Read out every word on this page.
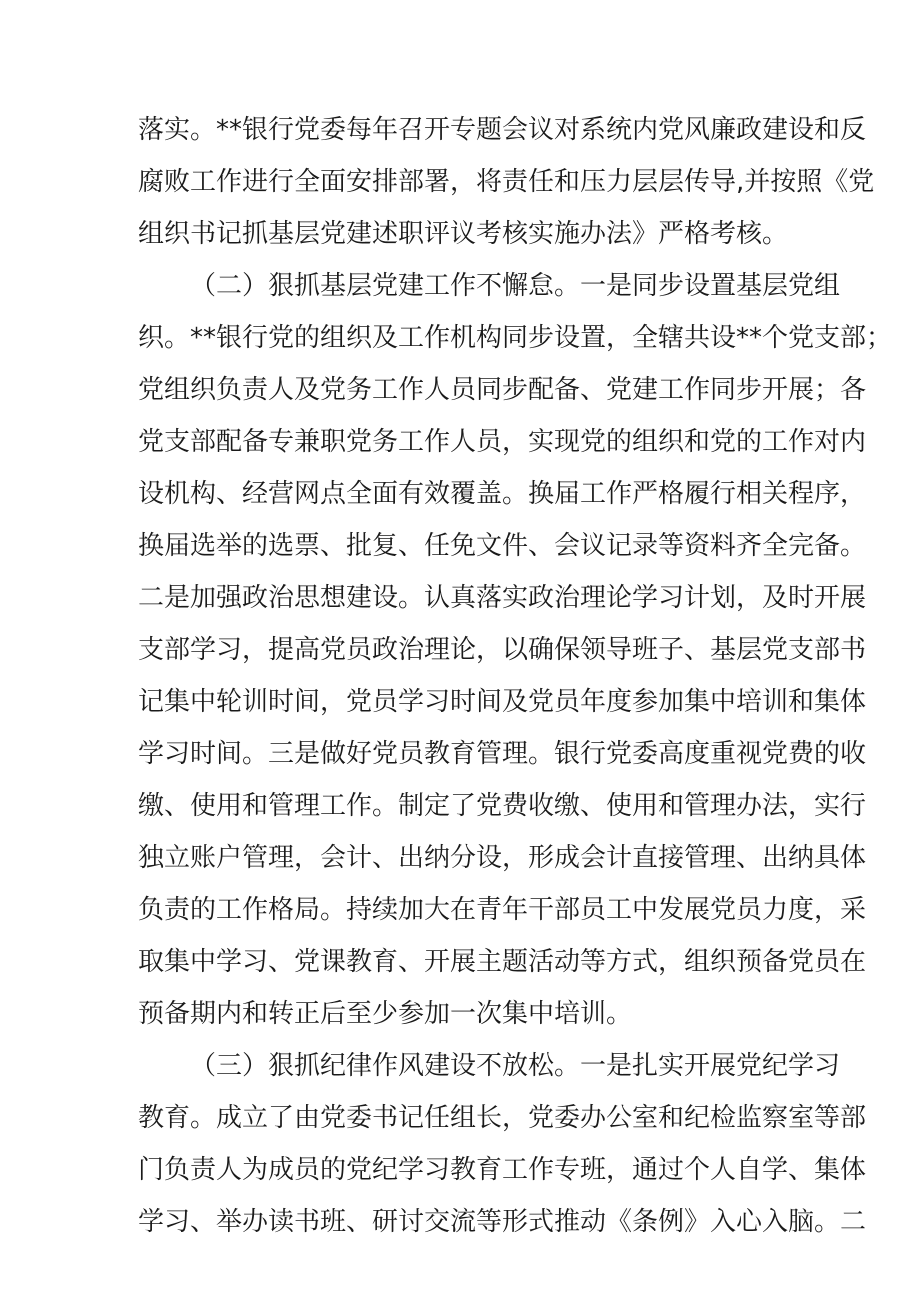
落实。**银行党委每年召开专题会议对系统内党风廉政建设和反
腐败工作进行全面安排部署，将责任和压力层层传导,并按照《党
组织书记抓基层党建述职评议考核实施办法》严格考核。
（二）狠抓基层党建工作不懈怠。一是同步设置基层党组
织。**银行党的组织及工作机构同步设置，全辖共设**个党支部；
党组织负责人及党务工作人员同步配备、党建工作同步开展；各
党支部配备专兼职党务工作人员，实现党的组织和党的工作对内
设机构、经营网点全面有效覆盖。换届工作严格履行相关程序，
换届选举的选票、批复、任免文件、会议记录等资料齐全完备。
二是加强政治思想建设。认真落实政治理论学习计划，及时开展
支部学习，提高党员政治理论，以确保领导班子、基层党支部书
记集中轮训时间，党员学习时间及党员年度参加集中培训和集体
学习时间。三是做好党员教育管理。银行党委高度重视党费的收
缴、使用和管理工作。制定了党费收缴、使用和管理办法，实行
独立账户管理，会计、出纳分设，形成会计直接管理、出纳具体
负责的工作格局。持续加大在青年干部员工中发展党员力度，采
取集中学习、党课教育、开展主题活动等方式，组织预备党员在
预备期内和转正后至少参加一次集中培训。
（三）狠抓纪律作风建设不放松。一是扎实开展党纪学习
教育。成立了由党委书记任组长，党委办公室和纪检监察室等部
门负责人为成员的党纪学习教育工作专班，通过个人自学、集体
学习、举办读书班、研讨交流等形式推动《条例》入心入脑。二
